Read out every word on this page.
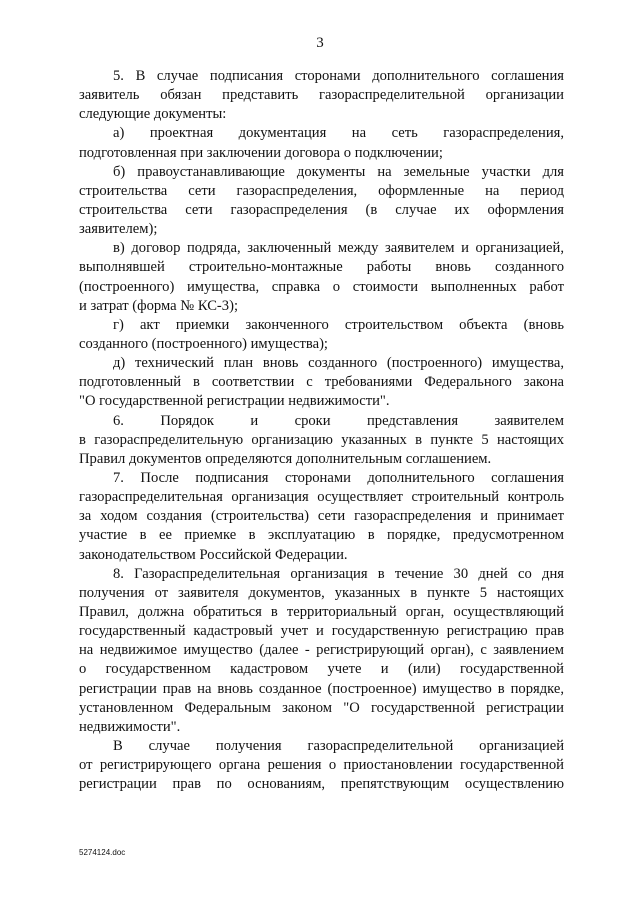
3
5. В случае подписания сторонами дополнительного соглашения
заявитель обязан представить газораспределительной организации
следующие документы:
а) проектная документация на сеть газораспределения,
подготовленная при заключении договора о подключении;
б) правоустанавливающие документы на земельные участки для
строительства сети газораспределения, оформленные на период
строительства сети газораспределения (в случае их оформления
заявителем);
в) договор подряда, заключенный между заявителем и организацией,
выполнявшей строительно-монтажные работы вновь созданного
(построенного) имущества, справка о стоимости выполненных работ
и затрат (форма № КС-3);
г) акт приемки законченного строительством объекта (вновь
созданного (построенного) имущества);
д) технический план вновь созданного (построенного) имущества,
подготовленный в соответствии с требованиями Федерального закона
"О государственной регистрации недвижимости".
6. Порядок и сроки представления заявителем
в газораспределительную организацию указанных в пункте 5 настоящих
Правил документов определяются дополнительным соглашением.
7. После подписания сторонами дополнительного соглашения
газораспределительная организация осуществляет строительный контроль
за ходом создания (строительства) сети газораспределения и принимает
участие в ее приемке в эксплуатацию в порядке, предусмотренном
законодательством Российской Федерации.
8. Газораспределительная организация в течение 30 дней со дня
получения от заявителя документов, указанных в пункте 5 настоящих
Правил, должна обратиться в территориальный орган, осуществляющий
государственный кадастровый учет и государственную регистрацию прав
на недвижимое имущество (далее - регистрирующий орган), с заявлением
о государственном кадастровом учете и (или) государственной
регистрации прав на вновь созданное (построенное) имущество в порядке,
установленном Федеральным законом "О государственной регистрации
недвижимости".
В случае получения газораспределительной организацией
от регистрирующего органа решения о приостановлении государственной
регистрации прав по основаниям, препятствующим осуществлению
5274124.doc
